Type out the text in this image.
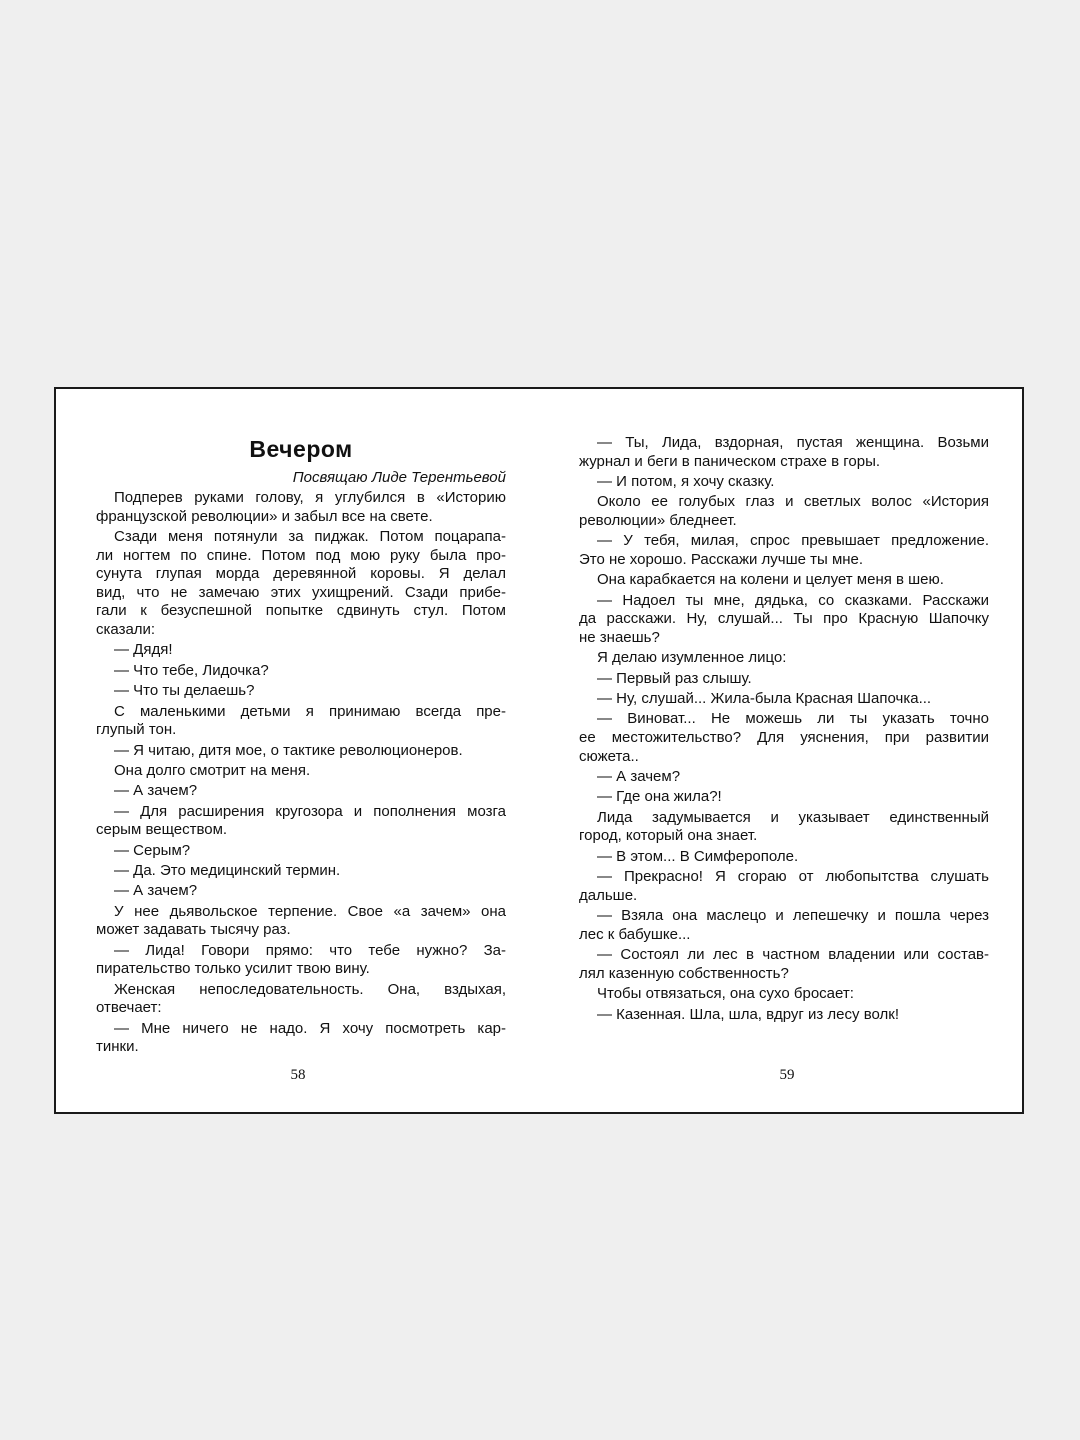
Вечером
Посвящаю Лиде Терентьевой
Подперев руками голову, я углубился в «Историю
французской революции» и забыл все на свете.
Сзади меня потянули за пиджак. Потом поцарапа-
ли ногтем по спине. Потом под мою руку была про-
сунута глупая морда деревянной коровы. Я делал
вид, что не замечаю этих ухищрений. Сзади прибе-
гали к безуспешной попытке сдвинуть стул. Потом
сказали:
— Дядя!
— Что тебе, Лидочка?
— Что ты делаешь?
С маленькими детьми я принимаю всегда пре-
глупый тон.
— Я читаю, дитя мое, о тактике революционеров.
Она долго смотрит на меня.
— А зачем?
— Для расширения кругозора и пополнения мозга
серым веществом.
— Серым?
— Да. Это медицинский термин.
— А зачем?
У нее дьявольское терпение. Свое «а зачем» она
может задавать тысячу раз.
— Лида! Говори прямо: что тебе нужно? За-
пирательство только усилит твою вину.
Женская непоследовательность. Она, вздыхая,
отвечает:
— Мне ничего не надо. Я хочу посмотреть кар-
тинки.
— Ты, Лида, вздорная, пустая женщина. Возьми
журнал и беги в паническом страхе в горы.
— И потом, я хочу сказку.
Около ее голубых глаз и светлых волос «История
революции» бледнеет.
— У тебя, милая, спрос превышает предложение.
Это не хорошо. Расскажи лучше ты мне.
Она карабкается на колени и целует меня в шею.
— Надоел ты мне, дядька, со сказками. Расскажи
да расскажи. Ну, слушай... Ты про Красную Шапочку
не знаешь?
Я делаю изумленное лицо:
— Первый раз слышу.
— Ну, слушай... Жила-была Красная Шапочка...
— Виноват... Не можешь ли ты указать точно
ее местожительство? Для уяснения, при развитии
сюжета..
— А зачем?
— Где она жила?!
Лида задумывается и указывает единственный
город, который она знает.
— В этом... В Симферополе.
— Прекрасно! Я сгораю от любопытства слушать
дальше.
— Взяла она маслецо и лепешечку и пошла через
лес к бабушке...
— Состоял ли лес в частном владении или состав-
лял казенную собственность?
Чтобы отвязаться, она сухо бросает:
— Казенная. Шла, шла, вдруг из лесу волк!
58	59
